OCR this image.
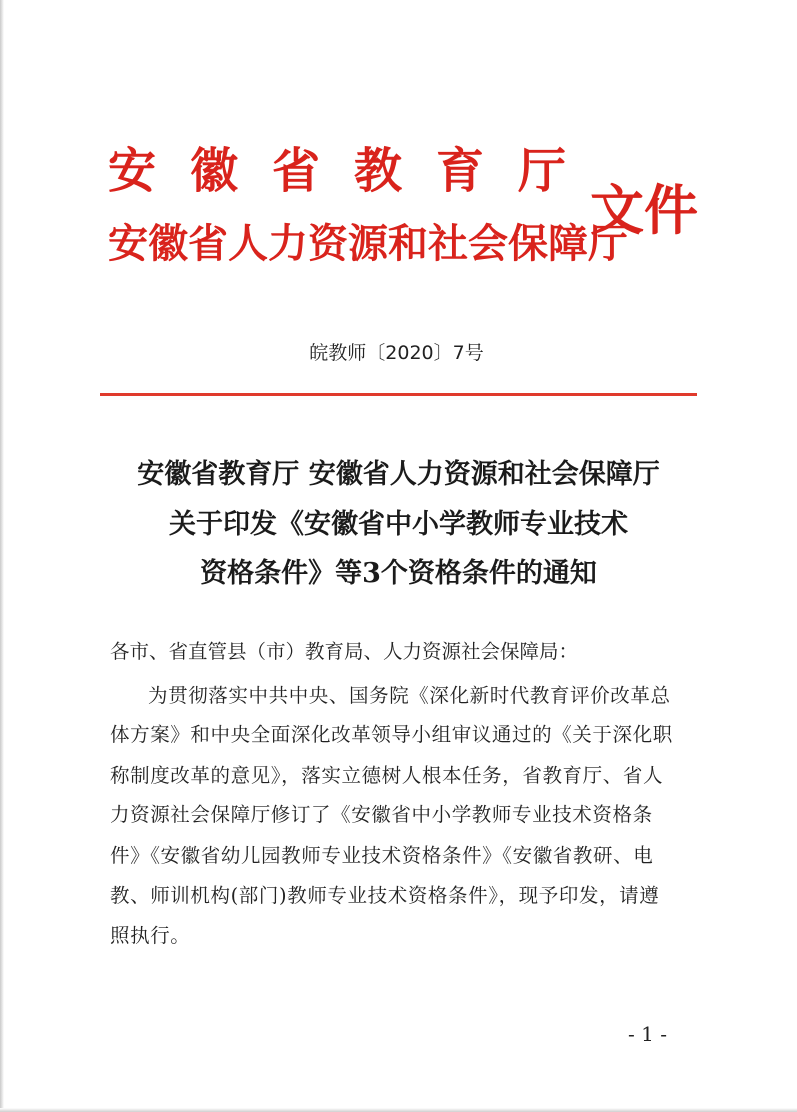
安徽省教育厅
安徽省人力资源和社会保障厅
文件
皖教师〔2020〕7号
安徽省教育厅 安徽省人力资源和社会保障厅
关于印发《安徽省中小学教师专业技术
资格条件》等3个资格条件的通知
各市、省直管县（市）教育局、人力资源社会保障局：
为贯彻落实中共中央、国务院《深化新时代教育评价改革总
体方案》和中央全面深化改革领导小组审议通过的《关于深化职
称制度改革的意见》，落实立德树人根本任务，省教育厅、省人
力资源社会保障厅修订了《安徽省中小学教师专业技术资格条
件》《安徽省幼儿园教师专业技术资格条件》《安徽省教研、电
教、师训机构(部门)教师专业技术资格条件》，现予印发，请遵
照执行。
- 1 -
